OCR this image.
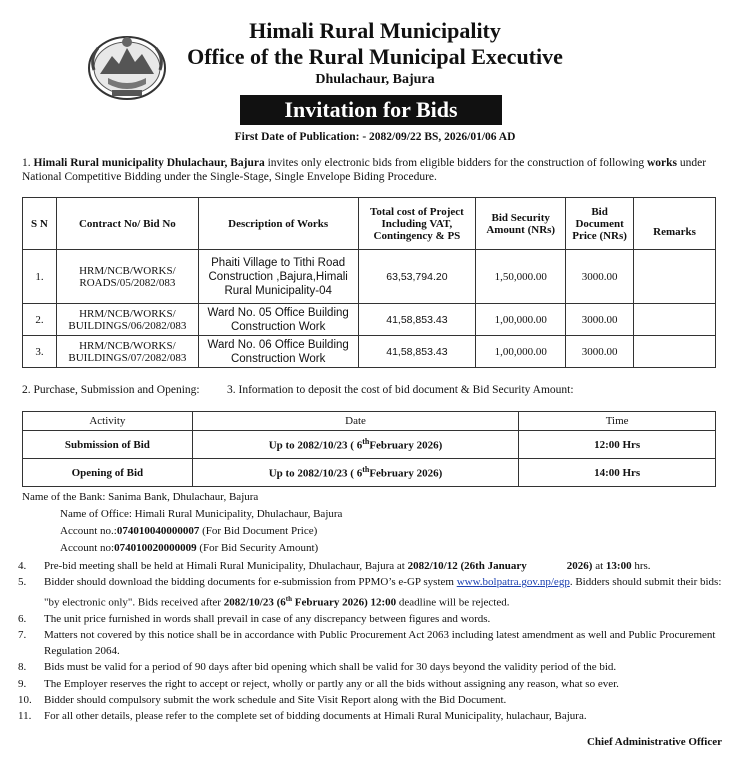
Himali Rural Municipality
Office of the Rural Municipal Executive
Dhulachaur, Bajura
Invitation for Bids
First Date of Publication: - 2082/09/22 BS, 2026/01/06 AD
1. Himali Rural municipality Dhulachaur, Bajura invites only electronic bids from eligible bidders for the construction of following works under National Competitive Bidding under the Single-Stage, Single Envelope Biding Procedure.
S N	Contract No/ Bid No	Description of Works	Total cost of Project Including VAT, Contingency & PS	Bid Security Amount (NRs)	Bid Document Price (NRs)	Remarks
1.	HRM/NCB/WORKS/ ROADS/05/2082/083	Phaiti Village to Tithi Road Construction ,Bajura,Himali Rural Municipality-04	63,53,794.20	1,50,000.00	3000.00	
2.	HRM/NCB/WORKS/ BUILDINGS/06/2082/083	Ward No. 05 Office Building Construction Work	41,58,853.43	1,00,000.00	3000.00	
3.	HRM/NCB/WORKS/ BUILDINGS/07/2082/083	Ward No. 06 Office Building Construction Work	41,58,853.43	1,00,000.00	3000.00	
2. Purchase, Submission and Opening: 3. Information to deposit the cost of bid document & Bid Security Amount:
Activity	Date	Time
Submission of Bid	Up to 2082/10/23 ( 6thFebruary 2026)	12:00 Hrs
Opening of Bid	Up to 2082/10/23 ( 6thFebruary 2026)	14:00 Hrs
Name of the Bank: Sanima Bank, Dhulachaur, Bajura
Name of Office: Himali Rural Municipality, Dhulachaur, Bajura
Account no.:074010040000007 (For Bid Document Price)
Account no:074010020000009 (For Bid Security Amount)
4.	Pre-bid meeting shall be held at Himali Rural Municipality, Dhulachaur, Bajura at 2082/10/12 (26th January	2026) at 13:00 hrs.
5.	Bidder should download the bidding documents for e-submission from PPMO’s e-GP system www.bolpatra.gov.np/egp. Bidders should submit their bids: "by electronic only". Bids received after 2082/10/23 (6th February 2026) 12:00 deadline will be rejected.
6.	The unit price furnished in words shall prevail in case of any discrepancy between figures and words.
7.	Matters not covered by this notice shall be in accordance with Public Procurement Act 2063 including latest amendment as well and Public Procurement Regulation 2064.
8.	Bids must be valid for a period of 90 days after bid opening which shall be valid for 30 days beyond the validity period of the bid.
9.	The Employer reserves the right to accept or reject, wholly or partly any or all the bids without assigning any reason, what so ever.
10.	Bidder should compulsory submit the work schedule and Site Visit Report along with the Bid Document.
11.	For all other details, please refer to the complete set of bidding documents at Himali Rural Municipality, hulachaur, Bajura.
Chief Administrative Officer
